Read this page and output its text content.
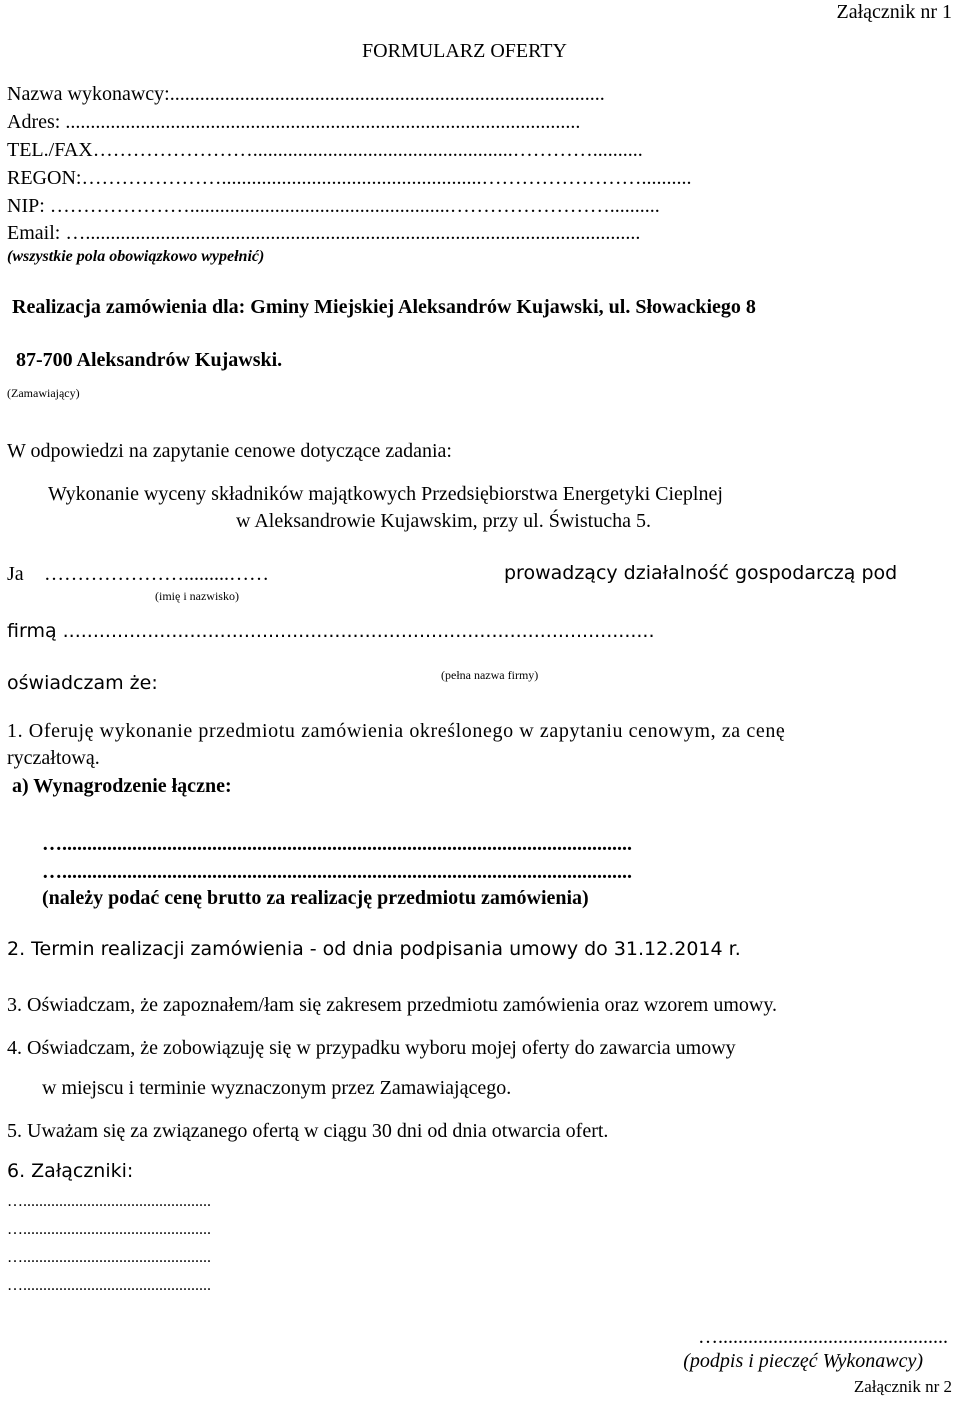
Załącznik nr 1
FORMULARZ OFERTY
Nazwa wykonawcy:.......................................................................................
Adres: .......................................................................................................
TEL./FAX……………………....................................................…………..........
REGON:…………………....................................................……………………..........
NIP: …………………....................................................……………………..........
Email: …...............................................................................................................
(wszystkie pola obowiązkowo wypełnić)
Realizacja zamówienia dla: Gminy Miejskiej Aleksandrów Kujawski, ul. Słowackiego 8
87-700 Aleksandrów Kujawski.
(Zamawiający)
W odpowiedzi na zapytanie cenowe dotyczące zadania:
Wykonanie wyceny składników majątkowych Przedsiębiorstwa Energetyki Cieplnej
w Aleksandrowie Kujawskim, przy ul. Świstucha 5.
Ja ………………….........……	prowadzący działalność gospodarczą pod
(imię i nazwisko)
firmą ..................................................................................................
oświadczam że:	(pełna nazwa firmy)
1. Oferuję wykonanie przedmiotu zamówienia określonego w zapytaniu cenowym, za cenę
ryczałtową.
a) Wynagrodzenie łączne:
…..................................................................................................................
…..................................................................................................................
(należy podać cenę brutto za realizację przedmiotu zamówienia)
2. Termin realizacji zamówienia - od dnia podpisania umowy do 31.12.2014 r.
3. Oświadczam, że zapoznałem/łam się zakresem przedmiotu zamówienia oraz wzorem umowy.
4. Oświadczam, że zobowiązuję się w przypadku wyboru mojej oferty do zawarcia umowy
w miejscu i terminie wyznaczonym przez Zamawiającego.
5. Uważam się za związanego ofertą w ciągu 30 dni od dnia otwarcia ofert.
6. Załączniki:
…...............................................
…...............................................
…...............................................
…...............................................
…..............................................
(podpis i pieczęć Wykonawcy)
Załącznik nr 2
